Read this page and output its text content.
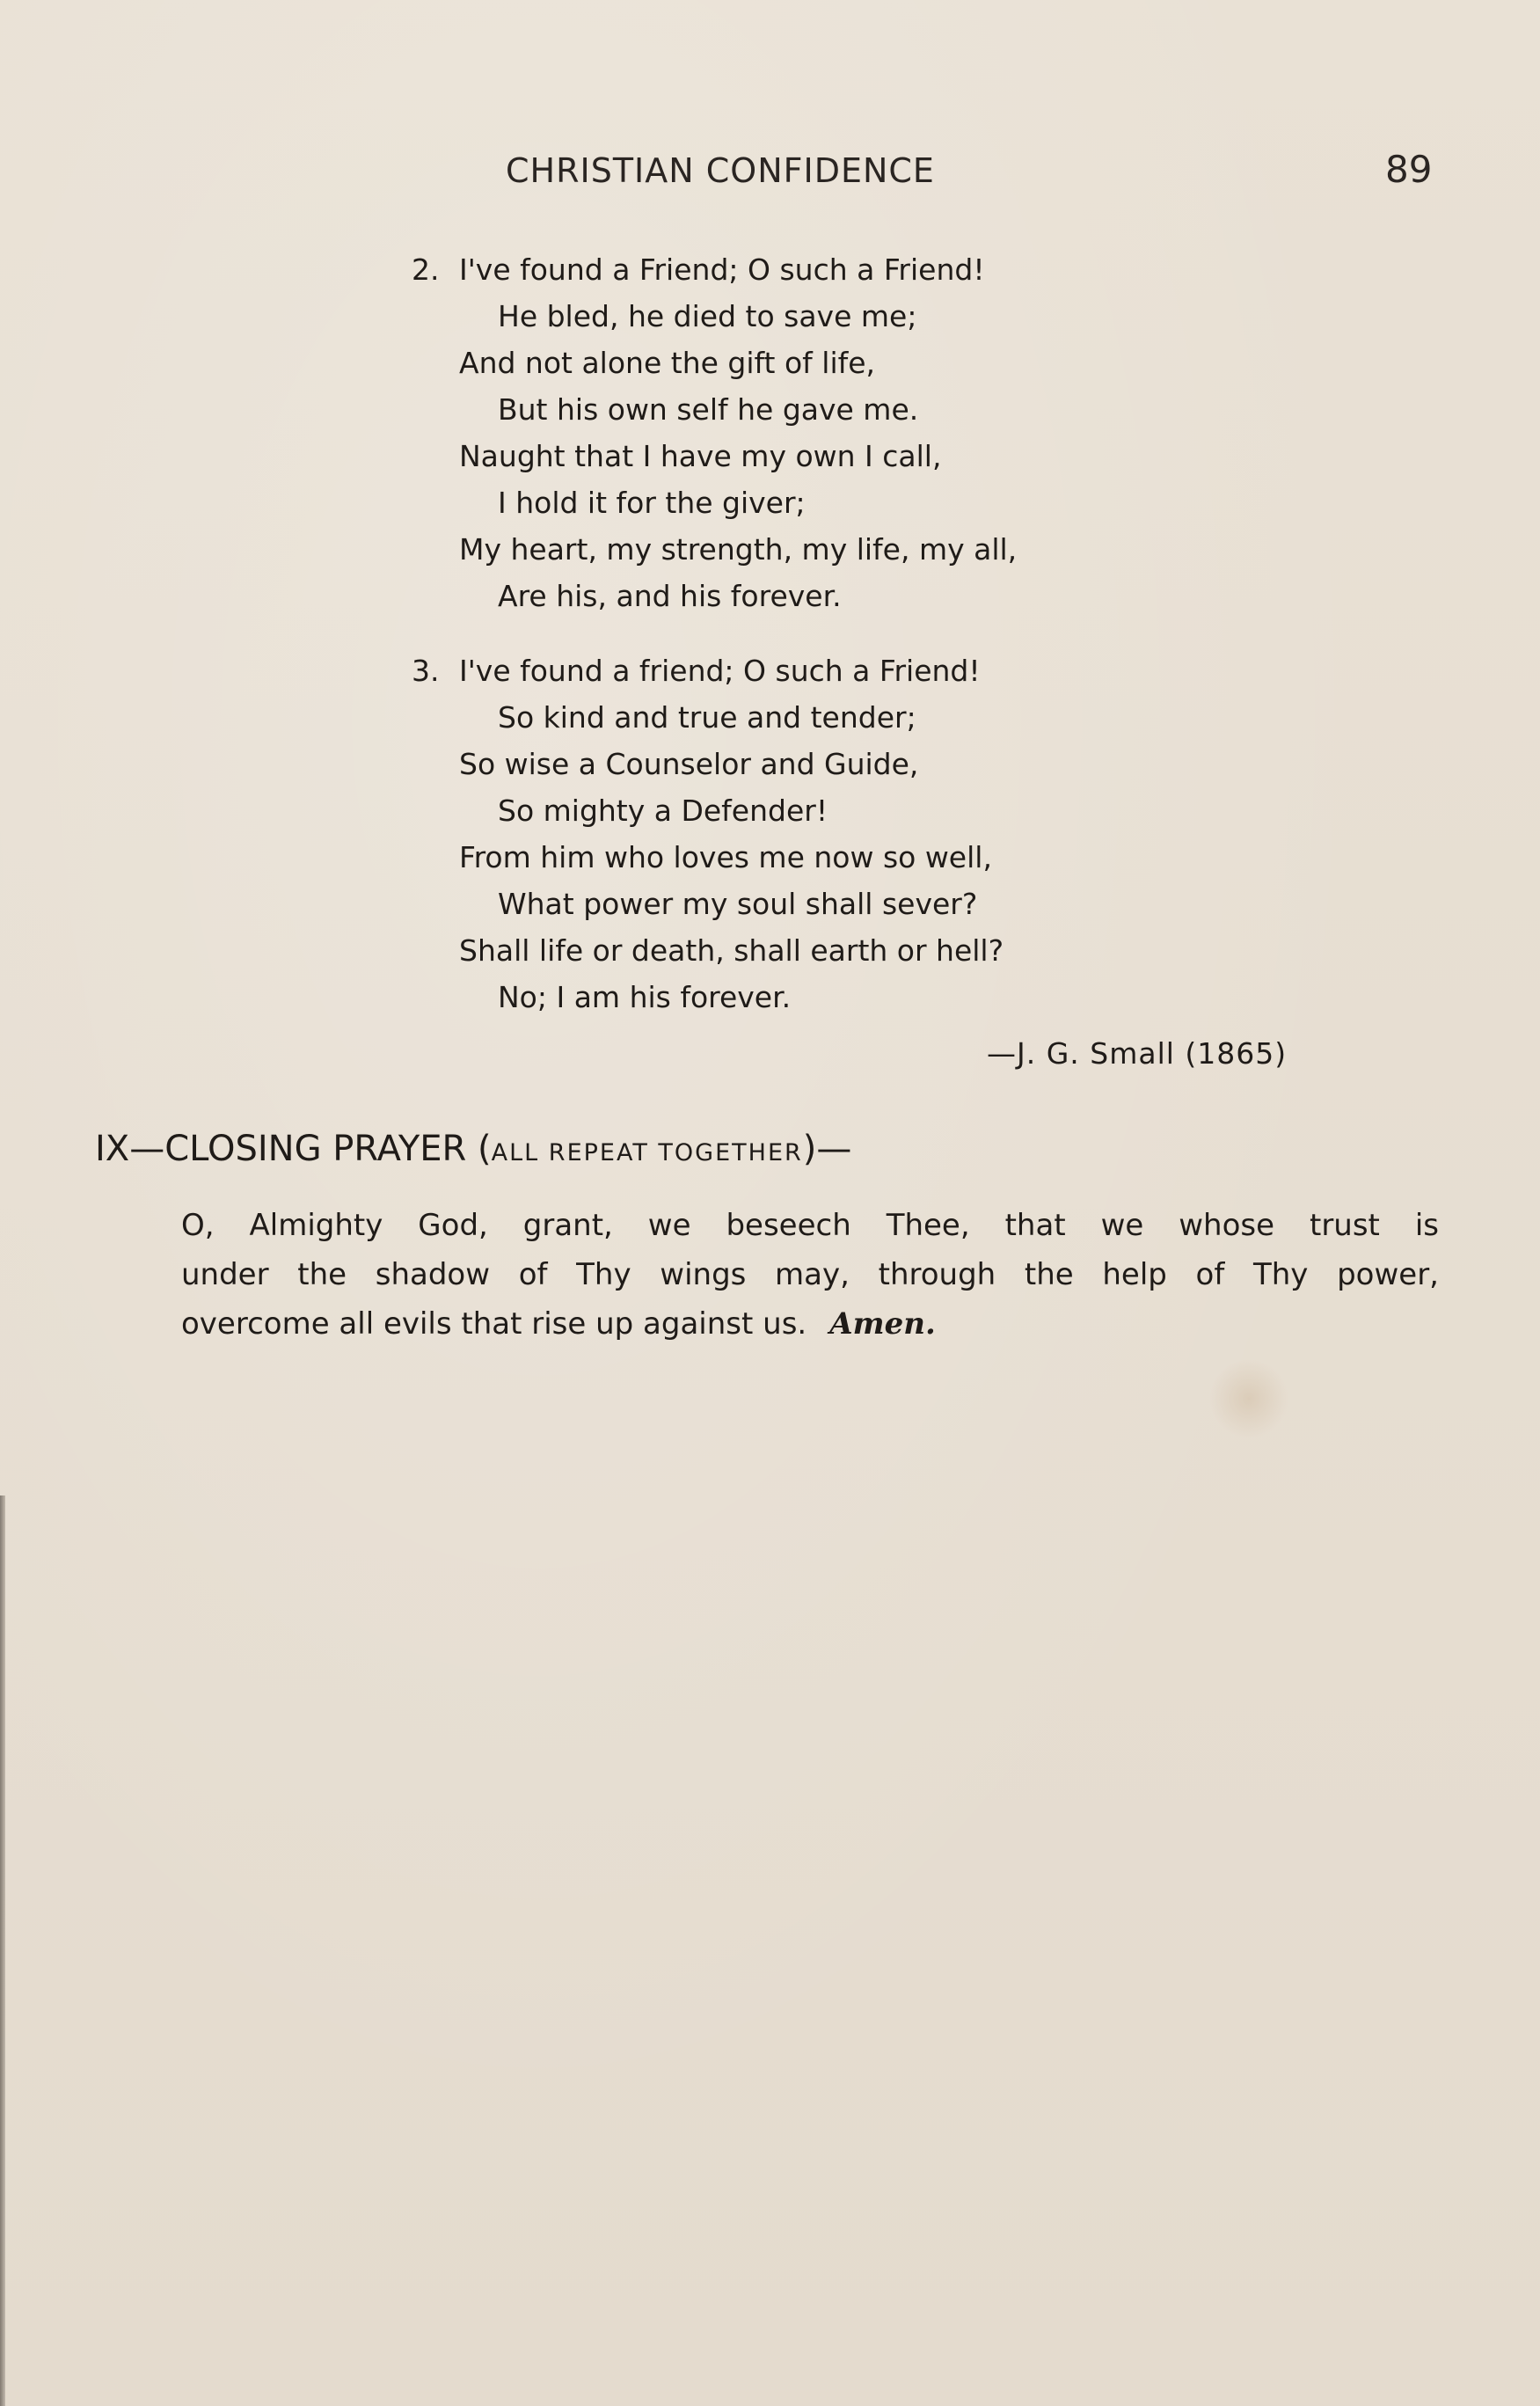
CHRISTIAN CONFIDENCE	89
2. I've found a Friend; O such a Friend!
He bled, he died to save me;
And not alone the gift of life,
But his own self he gave me.
Naught that I have my own I call,
I hold it for the giver;
My heart, my strength, my life, my all,
Are his, and his forever.
3. I've found a friend; O such a Friend!
So kind and true and tender;
So wise a Counselor and Guide,
So mighty a Defender!
From him who loves me now so well,
What power my soul shall sever?
Shall life or death, shall earth or hell?
No; I am his forever.
—J. G. Small (1865)
IX—CLOSING PRAYER (ALL REPEAT TOGETHER)—
O, Almighty God, grant, we beseech Thee, that we whose trust is
under the shadow of Thy wings may, through the help of Thy power,
overcome all evils that rise up against us. Amen.
